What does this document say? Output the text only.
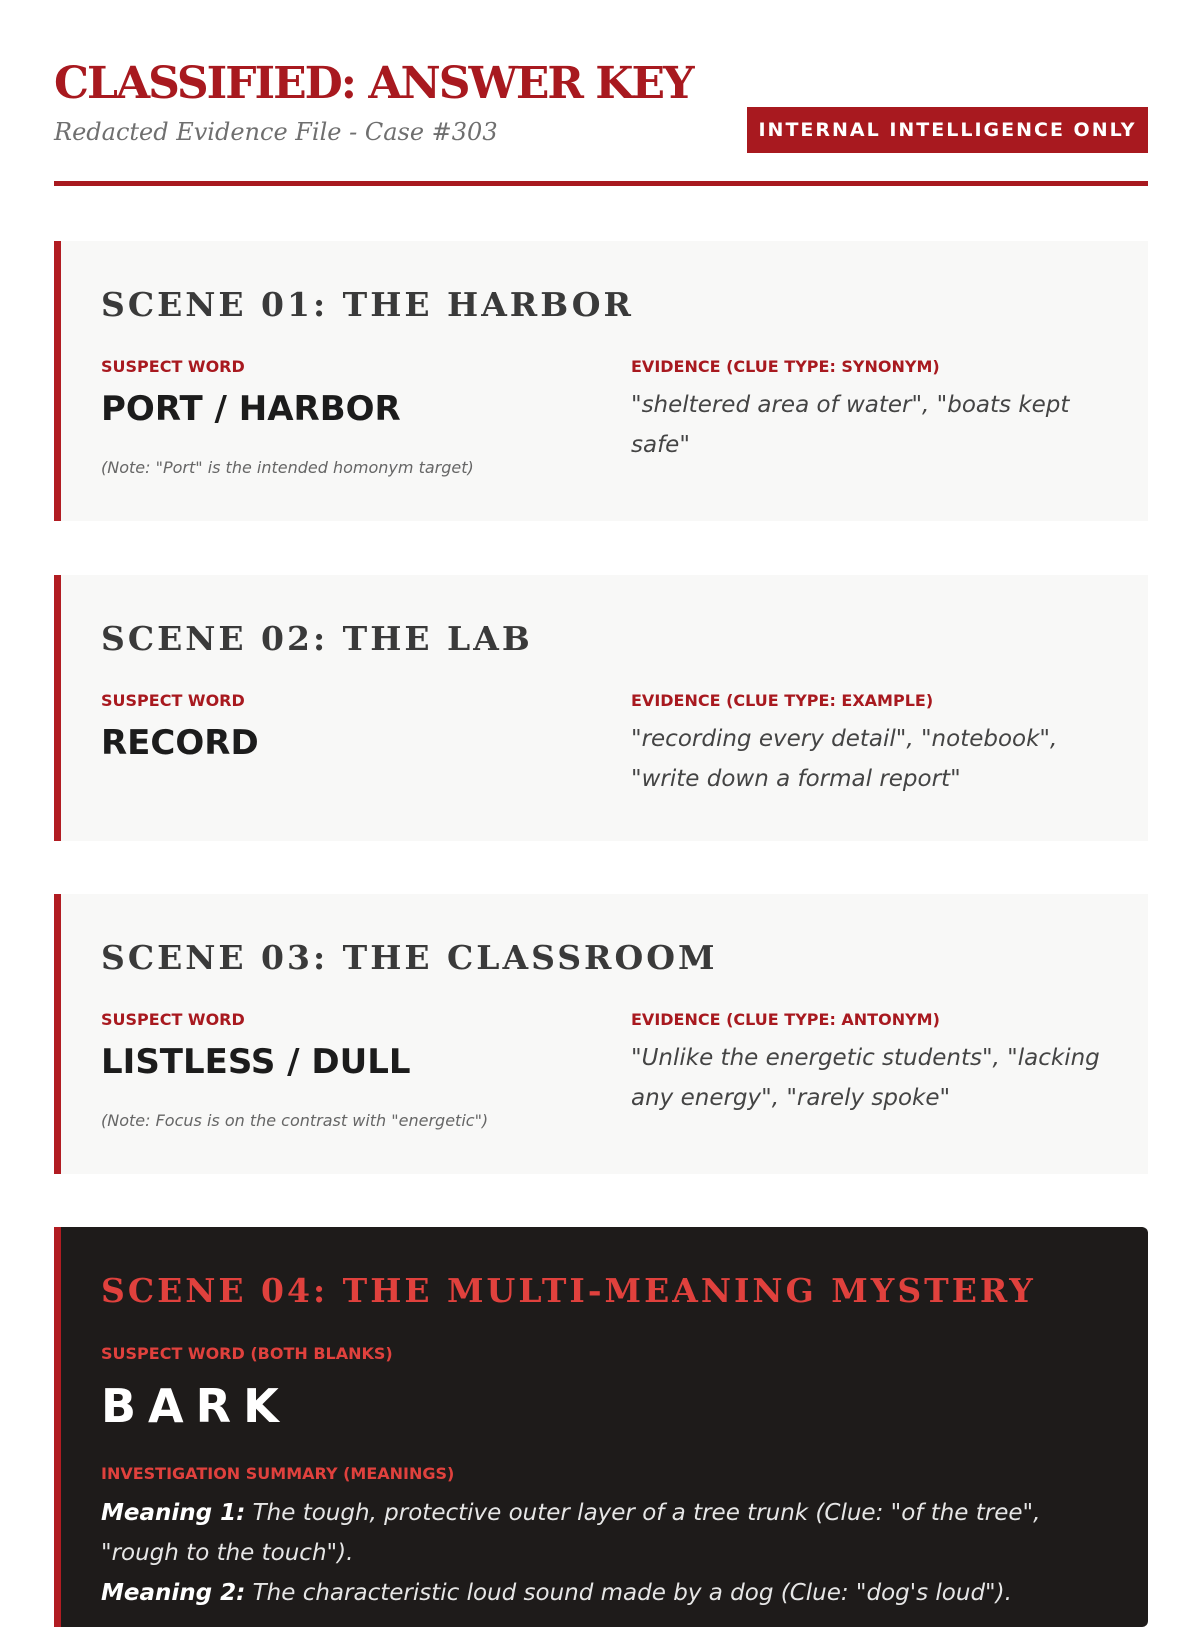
CLASSIFIED: ANSWER KEY

Redacted Evidence File - Case #303	INTERNAL INTELLIGENCE ONLY
SCENE 01: THE HARBOR

SUSPECT WORD

PORT / HARBOR

(Note: "Port" is the intended homonym target)

EVIDENCE (CLUE TYPE: SYNONYM)

"sheltered area of water", "boats kept safe"

SCENE 02: THE LAB

SUSPECT WORD

RECORD

EVIDENCE (CLUE TYPE: EXAMPLE)

"recording every detail", "notebook", "write down a formal report"

SCENE 03: THE CLASSROOM

SUSPECT WORD

LISTLESS / DULL

(Note: Focus is on the contrast with "energetic")

EVIDENCE (CLUE TYPE: ANTONYM)

"Unlike the energetic students", "lacking any energy", "rarely spoke"

SCENE 04: THE MULTI-MEANING MYSTERY

SUSPECT WORD (BOTH BLANKS)

BARK

INVESTIGATION SUMMARY (MEANINGS)

Meaning 1: The tough, protective outer layer of a tree trunk (Clue: "of the tree", "rough to the touch").

Meaning 2: The characteristic loud sound made by a dog (Clue: "dog's loud").
